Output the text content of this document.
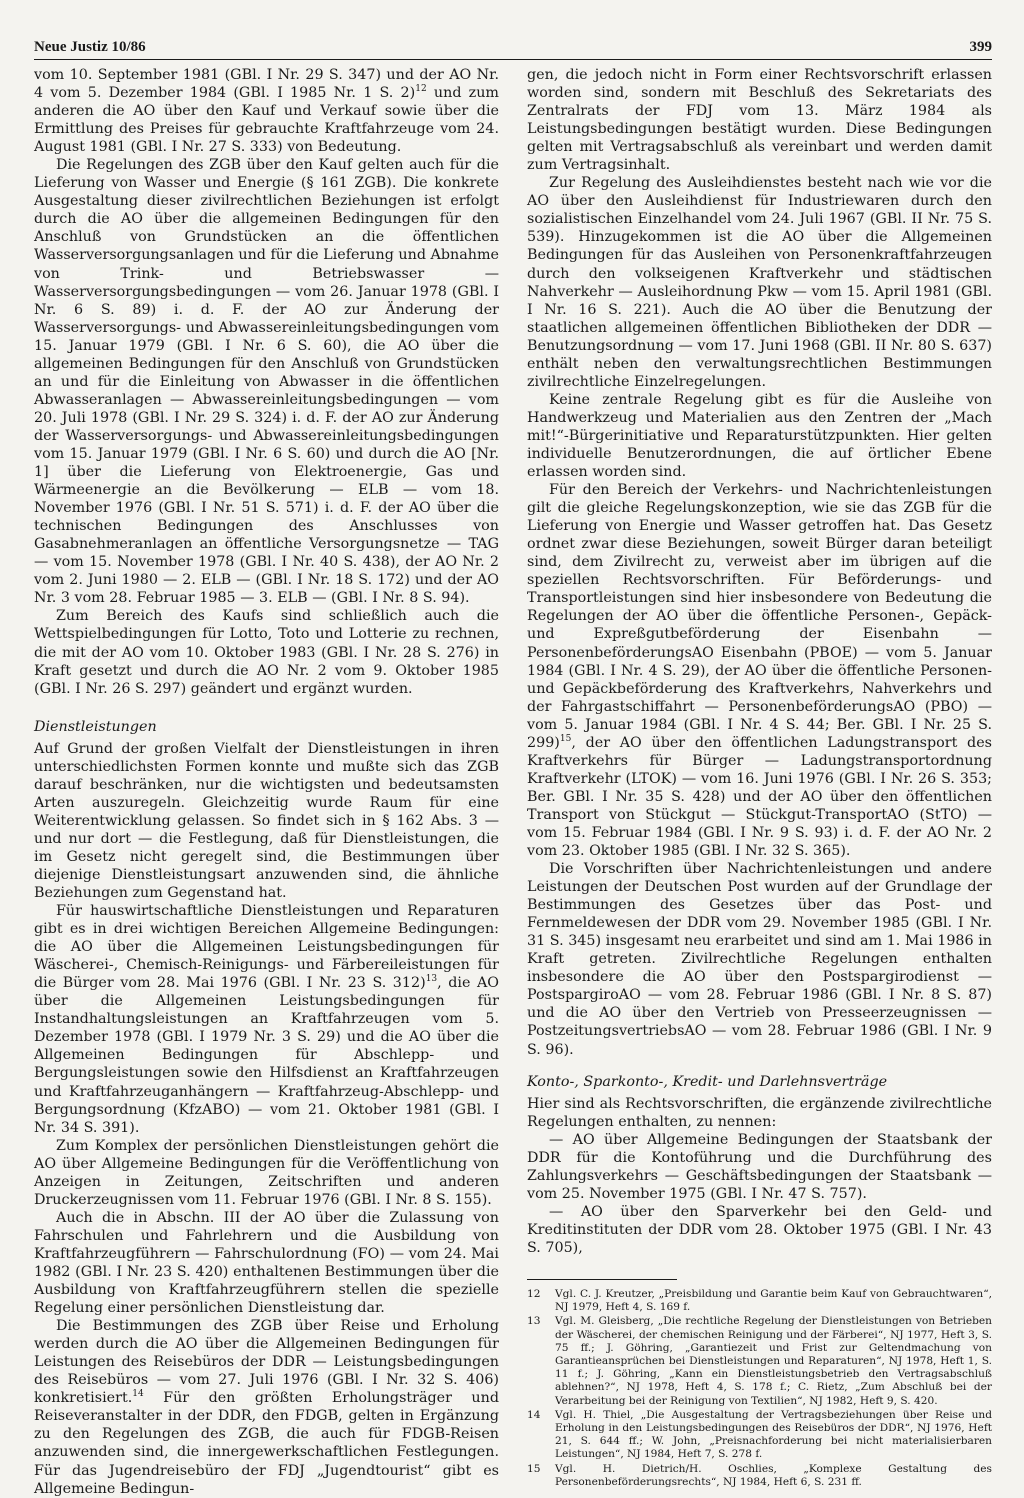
Neue Justiz 10/86	399

vom 10. September 1981 (GBl. I Nr. 29 S. 347) und der AO Nr. 4 vom 5. Dezember 1984 (GBl. I 1985 Nr. 1 S. 2)$^{12}$ und zum anderen die AO über den Kauf und Verkauf sowie über die Ermittlung des Preises für gebrauchte Kraftfahrzeuge vom 24. August 1981 (GBl. I Nr. 27 S. 333) von Bedeutung.

Die Regelungen des ZGB über den Kauf gelten auch für die Lieferung von Wasser und Energie (§ 161 ZGB). Die konkrete Ausgestaltung dieser zivilrechtlichen Beziehungen ist erfolgt durch die AO über die allgemeinen Bedingungen für den Anschluß von Grundstücken an die öffentlichen Wasserversorgungsanlagen und für die Lieferung und Abnahme von Trink- und Betriebswasser — Wasserversorgungsbedingungen — vom 26. Januar 1978 (GBl. I Nr. 6 S. 89) i. d. F. der AO zur Änderung der Wasserversorgungs- und Abwassereinleitungsbedingungen vom 15. Januar 1979 (GBl. I Nr. 6 S. 60), die AO über die allgemeinen Bedingungen für den Anschluß von Grundstücken an und für die Einleitung von Abwasser in die öffentlichen Abwasseranlagen — Abwassereinleitungsbedingungen — vom 20. Juli 1978 (GBl. I Nr. 29 S. 324) i. d. F. der AO zur Änderung der Wasserversorgungs- und Abwassereinleitungsbedingungen vom 15. Januar 1979 (GBl. I Nr. 6 S. 60) und durch die AO [Nr. 1] über die Lieferung von Elektroenergie, Gas und Wärmeenergie an die Bevölkerung — ELB — vom 18. November 1976 (GBl. I Nr. 51 S. 571) i. d. F. der AO über die technischen Bedingungen des Anschlusses von Gasabnehmeranlagen an öffentliche Versorgungsnetze — TAG — vom 15. November 1978 (GBl. I Nr. 40 S. 438), der AO Nr. 2 vom 2. Juni 1980 — 2. ELB — (GBl. I Nr. 18 S. 172) und der AO Nr. 3 vom 28. Februar 1985 — 3. ELB — (GBl. I Nr. 8 S. 94).

Zum Bereich des Kaufs sind schließlich auch die Wettspielbedingungen für Lotto, Toto und Lotterie zu rechnen, die mit der AO vom 10. Oktober 1983 (GBl. I Nr. 28 S. 276) in Kraft gesetzt und durch die AO Nr. 2 vom 9. Oktober 1985 (GBl. I Nr. 26 S. 297) geändert und ergänzt wurden.

Dienstleistungen

Auf Grund der großen Vielfalt der Dienstleistungen in ihren unterschiedlichsten Formen konnte und mußte sich das ZGB darauf beschränken, nur die wichtigsten und bedeutsamsten Arten auszuregeln. Gleichzeitig wurde Raum für eine Weiterentwicklung gelassen. So findet sich in § 162 Abs. 3 — und nur dort — die Festlegung, daß für Dienstleistungen, die im Gesetz nicht geregelt sind, die Bestimmungen über diejenige Dienstleistungsart anzuwenden sind, die ähnliche Beziehungen zum Gegenstand hat.

Für hauswirtschaftliche Dienstleistungen und Reparaturen gibt es in drei wichtigen Bereichen Allgemeine Bedingungen: die AO über die Allgemeinen Leistungsbedingungen für Wäscherei-, Chemisch-Reinigungs- und Färbereileistungen für die Bürger vom 28. Mai 1976 (GBl. I Nr. 23 S. 312)$^{13}$, die AO über die Allgemeinen Leistungsbedingungen für Instandhaltungsleistungen an Kraftfahrzeugen vom 5. Dezember 1978 (GBl. I 1979 Nr. 3 S. 29) und die AO über die Allgemeinen Bedingungen für Abschlepp- und Bergungsleistungen sowie den Hilfsdienst an Kraftfahrzeugen und Kraftfahrzeuganhängern — Kraftfahrzeug-Abschlepp- und Bergungsordnung (KfzABO) — vom 21. Oktober 1981 (GBl. I Nr. 34 S. 391).

Zum Komplex der persönlichen Dienstleistungen gehört die AO über Allgemeine Bedingungen für die Veröffentlichung von Anzeigen in Zeitungen, Zeitschriften und anderen Druckerzeugnissen vom 11. Februar 1976 (GBl. I Nr. 8 S. 155).

Auch die in Abschn. III der AO über die Zulassung von Fahrschulen und Fahrlehrern und die Ausbildung von Kraftfahrzeugführern — Fahrschulordnung (FO) — vom 24. Mai 1982 (GBl. I Nr. 23 S. 420) enthaltenen Bestimmungen über die Ausbildung von Kraftfahrzeugführern stellen die spezielle Regelung einer persönlichen Dienstleistung dar.

Die Bestimmungen des ZGB über Reise und Erholung werden durch die AO über die Allgemeinen Bedingungen für Leistungen des Reisebüros der DDR — Leistungsbedingungen des Reisebüros — vom 27. Juli 1976 (GBl. I Nr. 32 S. 406) konkretisiert.$^{14}$ Für den größten Erholungsträger und Reiseveranstalter in der DDR, den FDGB, gelten in Ergänzung zu den Regelungen des ZGB, die auch für FDGB-Reisen anzuwenden sind, die innergewerkschaftlichen Festlegungen. Für das Jugendreisebüro der FDJ „Jugendtourist“ gibt es Allgemeine Bedingun-

gen, die jedoch nicht in Form einer Rechtsvorschrift erlassen worden sind, sondern mit Beschluß des Sekretariats des Zentralrats der FDJ vom 13. März 1984 als Leistungsbedingungen bestätigt wurden. Diese Bedingungen gelten mit Vertragsabschluß als vereinbart und werden damit zum Vertragsinhalt.

Zur Regelung des Ausleihdienstes besteht nach wie vor die AO über den Ausleihdienst für Industriewaren durch den sozialistischen Einzelhandel vom 24. Juli 1967 (GBl. II Nr. 75 S. 539). Hinzugekommen ist die AO über die Allgemeinen Bedingungen für das Ausleihen von Personenkraftfahrzeugen durch den volkseigenen Kraftverkehr und städtischen Nahverkehr — Ausleihordnung Pkw — vom 15. April 1981 (GBl. I Nr. 16 S. 221). Auch die AO über die Benutzung der staatlichen allgemeinen öffentlichen Bibliotheken der DDR — Benutzungsordnung — vom 17. Juni 1968 (GBl. II Nr. 80 S. 637) enthält neben den verwaltungsrechtlichen Bestimmungen zivilrechtliche Einzelregelungen.

Keine zentrale Regelung gibt es für die Ausleihe von Handwerkzeug und Materialien aus den Zentren der „Mach mit!“-Bürgerinitiative und Reparaturstützpunkten. Hier gelten individuelle Benutzerordnungen, die auf örtlicher Ebene erlassen worden sind.

Für den Bereich der Verkehrs- und Nachrichtenleistungen gilt die gleiche Regelungskonzeption, wie sie das ZGB für die Lieferung von Energie und Wasser getroffen hat. Das Gesetz ordnet zwar diese Beziehungen, soweit Bürger daran beteiligt sind, dem Zivilrecht zu, verweist aber im übrigen auf die speziellen Rechtsvorschriften. Für Beförderungs- und Transportleistungen sind hier insbesondere von Bedeutung die Regelungen der AO über die öffentliche Personen-, Gepäck- und Expreßgutbeförderung der Eisenbahn — PersonenbeförderungsAO Eisenbahn (PBOE) — vom 5. Januar 1984 (GBl. I Nr. 4 S. 29), der AO über die öffentliche Personen- und Gepäckbeförderung des Kraftverkehrs, Nahverkehrs und der Fahrgastschiffahrt — PersonenbeförderungsAO (PBO) — vom 5. Januar 1984 (GBl. I Nr. 4 S. 44; Ber. GBl. I Nr. 25 S. 299)$^{15}$, der AO über den öffentlichen Ladungstransport des Kraftverkehrs für Bürger — Ladungstransportordnung Kraftverkehr (LTOK) — vom 16. Juni 1976 (GBl. I Nr. 26 S. 353; Ber. GBl. I Nr. 35 S. 428) und der AO über den öffentlichen Transport von Stückgut — Stückgut-TransportAO (StTO) — vom 15. Februar 1984 (GBl. I Nr. 9 S. 93) i. d. F. der AO Nr. 2 vom 23. Oktober 1985 (GBl. I Nr. 32 S. 365).

Die Vorschriften über Nachrichtenleistungen und andere Leistungen der Deutschen Post wurden auf der Grundlage der Bestimmungen des Gesetzes über das Post- und Fernmeldewesen der DDR vom 29. November 1985 (GBl. I Nr. 31 S. 345) insgesamt neu erarbeitet und sind am 1. Mai 1986 in Kraft getreten. Zivilrechtliche Regelungen enthalten insbesondere die AO über den Postspargirodienst — PostspargiroAO — vom 28. Februar 1986 (GBl. I Nr. 8 S. 87) und die AO über den Vertrieb von Presseerzeugnissen — PostzeitungsvertriebsAO — vom 28. Februar 1986 (GBl. I Nr. 9 S. 96).

Konto-, Sparkonto-, Kredit- und Darlehnsverträge

Hier sind als Rechtsvorschriften, die ergänzende zivilrechtliche Regelungen enthalten, zu nennen:

— AO über Allgemeine Bedingungen der Staatsbank der DDR für die Kontoführung und die Durchführung des Zahlungsverkehrs — Geschäftsbedingungen der Staatsbank — vom 25. November 1975 (GBl. I Nr. 47 S. 757).

— AO über den Sparverkehr bei den Geld- und Kreditinstituten der DDR vom 28. Oktober 1975 (GBl. I Nr. 43 S. 705),

12	Vgl. C. J. Kreutzer, „Preisbildung und Garantie beim Kauf von Gebrauchtwaren“, NJ 1979, Heft 4, S. 169 f.
13	Vgl. M. Gleisberg, „Die rechtliche Regelung der Dienstleistungen von Betrieben der Wäscherei, der chemischen Reinigung und der Färberei“, NJ 1977, Heft 3, S. 75 ff.; J. Göhring, „Garantiezeit und Frist zur Geltendmachung von Garantieansprüchen bei Dienstleistungen und Reparaturen“, NJ 1978, Heft 1, S. 11 f.; J. Göhring, „Kann ein Dienstleistungsbetrieb den Vertragsabschluß ablehnen?“, NJ 1978, Heft 4, S. 178 f.; C. Rietz, „Zum Abschluß bei der Verarbeitung bei der Reinigung von Textilien“, NJ 1982, Heft 9, S. 420.
14	Vgl. H. Thiel, „Die Ausgestaltung der Vertragsbeziehungen über Reise und Erholung in den Leistungsbedingungen des Reisebüros der DDR“, NJ 1976, Heft 21, S. 644 ff.; W. John, „Preisnachforderung bei nicht materialisierbaren Leistungen“, NJ 1984, Heft 7, S. 278 f.
15	Vgl. H. Dietrich/H. Oschlies, „Komplexe Gestaltung des Personenbeförderungsrechts“, NJ 1984, Heft 6, S. 231 ff.
